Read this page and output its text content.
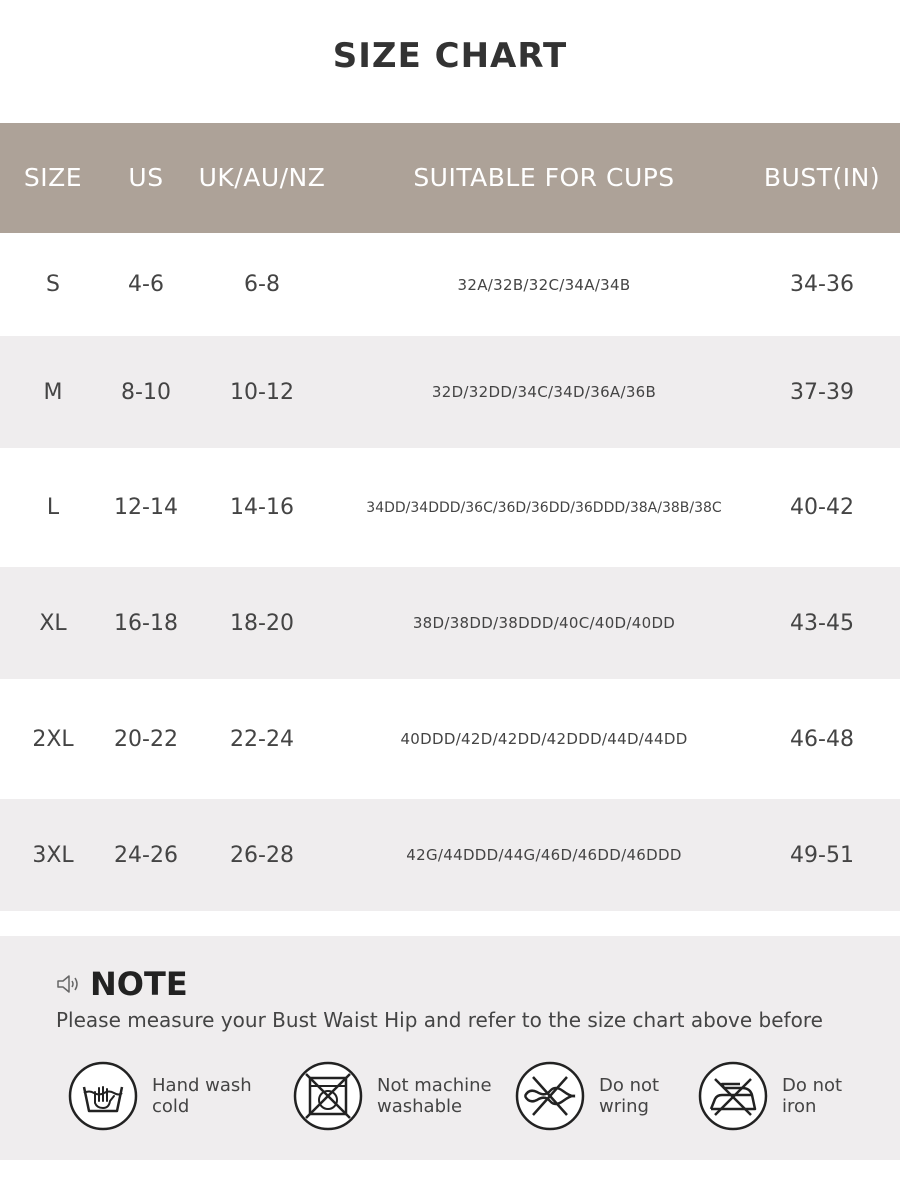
SIZE CHART
SIZE	US	UK/AU/NZ	SUITABLE FOR CUPS	BUST(IN)
S	4-6	6-8	32A/32B/32C/34A/34B	34-36
M	8-10	10-12	32D/32DD/34C/34D/36A/36B	37-39
L	12-14	14-16	34DD/34DDD/36C/36D/36DD/36DDD/38A/38B/38C	40-42
XL	16-18	18-20	38D/38DD/38DDD/40C/40D/40DD	43-45
2XL	20-22	22-24	40DDD/42D/42DD/42DDD/44D/44DD	46-48
3XL	24-26	26-28	42G/44DDD/44G/46D/46DD/46DDD	49-51
NOTE
Please measure your Bust Waist Hip and refer to the size chart above before
Hand wash
cold
Not machine
washable
Do not
wring
Do not
iron
